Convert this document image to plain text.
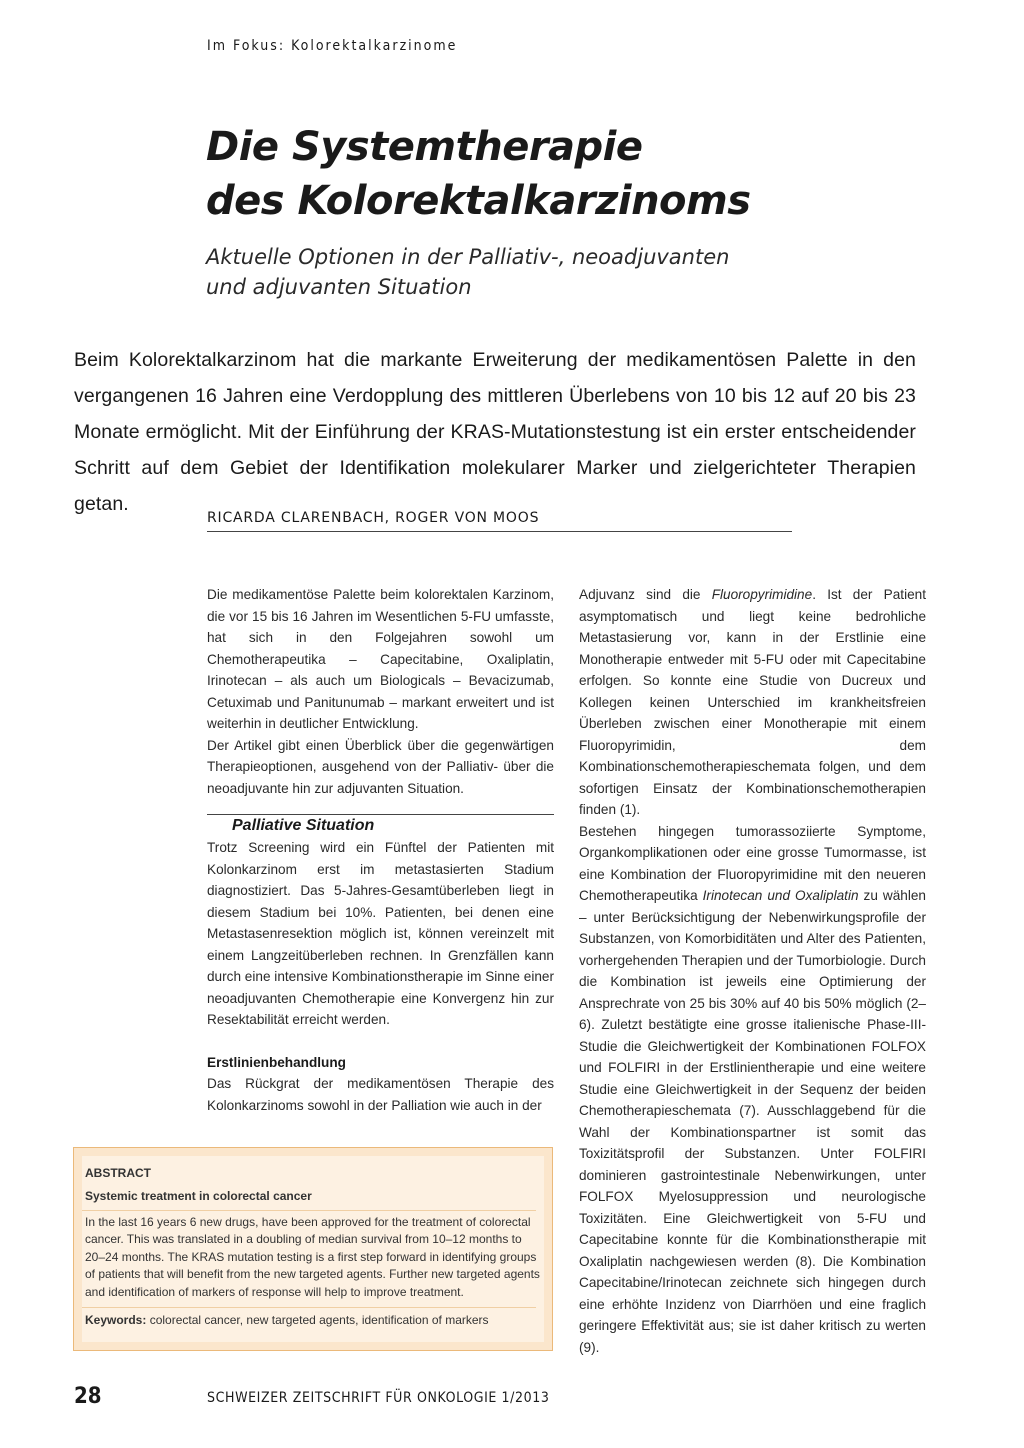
Im Fokus: Kolorektalkarzinome
Die Systemtherapie
des Kolorektalkarzinoms
Aktuelle Optionen in der Palliativ-, neoadjuvanten
und adjuvanten Situation
Beim Kolorektalkarzinom hat die markante Erweiterung der medikamentösen Palette in den vergangenen 16 Jahren eine Verdopplung des mittleren Überlebens von 10 bis 12 auf 20 bis 23 Monate ermöglicht. Mit der Einführung der KRAS-Mutationstestung ist ein erster entscheidender Schritt auf dem Gebiet der Identifikation molekularer Marker und zielgerichteter Therapien getan.
RICARDA CLARENBACH, ROGER VON MOOS

Die medikamentöse Palette beim kolorektalen Karzinom, die vor 15 bis 16 Jahren im Wesentlichen 5-FU umfasste, hat sich in den Folgejahren sowohl um Chemotherapeutika – Capecitabine, Oxaliplatin, Irinotecan – als auch um Biologicals – Bevacizumab, Cetuximab und Panitunumab – markant erweitert und ist weiterhin in deutlicher Entwicklung.

Der Artikel gibt einen Überblick über die gegenwärtigen Therapieoptionen, ausgehend von der Palliativ- über die neoadjuvante hin zur adjuvanten Situation.

Palliative Situation

Trotz Screening wird ein Fünftel der Patienten mit Kolonkarzinom erst im metastasierten Stadium diagnostiziert. Das 5-Jahres-Gesamtüberleben liegt in diesem Stadium bei 10%. Patienten, bei denen eine Metastasenresektion möglich ist, können vereinzelt mit einem Langzeitüberleben rechnen. In Grenzfällen kann durch eine intensive Kombinationstherapie im Sinne einer neoadjuvanten Chemotherapie eine Konvergenz hin zur Resektabilität erreicht werden.

Erstlinienbehandlung

Das Rückgrat der medikamentösen Therapie des Kolonkarzinoms sowohl in der Palliation wie auch in der

Adjuvanz sind die Fluoropyrimidine. Ist der Patient asymptomatisch und liegt keine bedrohliche Metastasierung vor, kann in der Erstlinie eine Monotherapie entweder mit 5-FU oder mit Capecitabine erfolgen. So konnte eine Studie von Ducreux und Kollegen keinen Unterschied im krankheitsfreien Überleben zwischen einer Monotherapie mit einem Fluoropyrimidin, dem Kombinationschemotherapieschemata folgen, und dem sofortigen Einsatz der Kombinationschemotherapien finden (1).

Bestehen hingegen tumorassoziierte Symptome, Organkomplikationen oder eine grosse Tumormasse, ist eine Kombination der Fluoropyrimidine mit den neueren Chemotherapeutika Irinotecan und Oxaliplatin zu wählen – unter Berücksichtigung der Nebenwirkungsprofile der Substanzen, von Komorbiditäten und Alter des Patienten, vorhergehenden Therapien und der Tumorbiologie. Durch die Kombination ist jeweils eine Optimierung der Ansprechrate von 25 bis 30% auf 40 bis 50% möglich (2–6). Zuletzt bestätigte eine grosse italienische Phase-III-Studie die Gleichwertigkeit der Kombinationen FOLFOX und FOLFIRI in der Erstlinientherapie und eine weitere Studie eine Gleichwertigkeit in der Sequenz der beiden Chemotherapieschemata (7). Ausschlaggebend für die Wahl der Kombinationspartner ist somit das Toxizitätsprofil der Substanzen. Unter FOLFIRI dominieren gastrointestinale Nebenwirkungen, unter FOLFOX Myelosuppression und neurologische Toxizitäten. Eine Gleichwertigkeit von 5-FU und Capecitabine konnte für die Kombinationstherapie mit Oxaliplatin nachgewiesen werden (8). Die Kombination Capecitabine/Irinotecan zeichnete sich hingegen durch eine erhöhte Inzidenz von Diarrhöen und eine fraglich geringere Effektivität aus; sie ist daher kritisch zu werten (9).

ABSTRACT

Systemic treatment in colorectal cancer

In the last 16 years 6 new drugs, have been approved for the treatment of colorectal cancer. This was translated in a doubling of median survival from 10–12 months to 20–24 months. The KRAS mutation testing is a first step forward in identifying groups of patients that will benefit from the new targeted agents. Further new targeted agents and identification of markers of response will help to improve treatment.

Keywords: colorectal cancer, new targeted agents, identification of markers

28	SCHWEIZER ZEITSCHRIFT FÜR ONKOLOGIE 1/2013
